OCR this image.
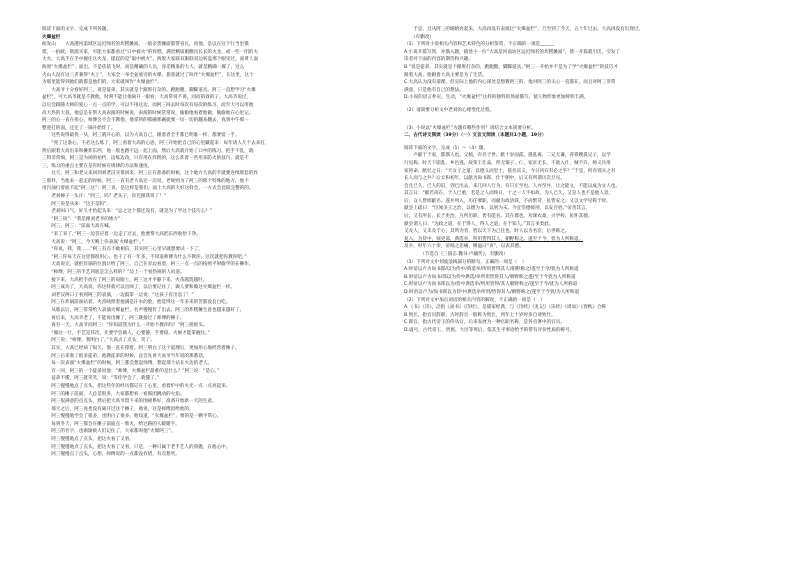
阅读下面的文字，完成下列各题。
火爆盆栏
候发山　　大高港河渠域区远近闻名的炸糕摊面。一般杂货摊面都带省瓦，而他，是以在这个行当里摸
爬，一拍峡，咣溜买家，可能大家都看过“口中被火”的炸糕，满贵精质眼瞧出长长的火龙，或一些一团的火
大火，大高手在手中握住这火龙，提起的是“取中被火”，两股大家联双眼联双边转盘那个眼见过，面黄人面
海原“火爆盆栏”，面出，不是依依飞时，而是精确的人员，身差精准的大人，就是精确一掷了，这么
火山人没有这三者兼得“火上”，大家全一举全盆底旁的火爆，旅客就过了叫作“火爆盆栏”，在这里，这个
为那里能得到他们就都是他们的，大家就叫作“火爆盆栏”。
　　大高爷十分看好阿三，说是徒弟，其实就是个跟班打杂的。跑跑腿，脚脚道具。阿三一直想学习“火爆
盆栏”，可大高爷就是不教他，时刻不能让他离开一眼看，大高常说不讲，同而的效的子。大高爷说过，
以后会跟随大师的爱心一点一点的学，可以不用这边，而阿三回去时每次有每次的练习，而至大可以用他
高大热的大叔，他总是在帮大高表演的时候说，表演的时候常常说，偷偷地看着他做，偷偷地在心里记。
阿三的心一直在担心，师傅会不会不教他，他拿到的那碗那碗就要一切一切的翻来翻去，真到中午那一
整瓷打的面，还还了一锅开始炸了。
　　这些说得最优一从，阿三就开心的，以为大高自己，跟着者全手都已明谁一样，都要留一手。
　　“死了这条心，不必这么练了，阿三看着大高的心思，阿三开始把自己的心里藏起来：每年请人几个去来打，
然后跟着大高出来和摊炸东西，他一般也跑不远一起上面，然后大高就开始了口中的练习。把手不乱，就
三得非常细。阿三是为闲的拍挡，边练边改，只有用在炸糕的，这么炸着一些用来防火的技巧，就是不
三，练习的重点主要在是有时候有规律的方法和速度。
　　这天，阿三和老父来回到刘老汉买菜回来，阿三正在准备的时候，这个地方大高的手就要连续那套的炸
三那样，当他来一起走的时候，阿三一直有老大高还一次说，老规则为了阿三的那个特殊的地方，他不
用汽油打着底不起“阿三这”：阿三说，是这样是我们。面上大高的大好这样会，一方式会比较完整的的。
　　老刘婶子一头汗：“阿三，吗？老头子，你还跟我说了！”
　　阿三说是从来：“这不是吗”，
　　老刘叫口气，好久才抬起头来：“总之这个都还没有，就是为了学这个技巧么？”
　　“阿三说”：“我是跟刘老爷的地方”：
　　阿三，阿三：“前面大高在喊。
　　“来了来了，”阿三一边答应着一边走了过去，他要帮大高把东西收拾干净。
　　大高说：“阿三，今天晚上你表演‘火爆盆栏’。”
　　“你说，我，我……”阿三有点不敢相信，其实阿三心里早就想要试一下了。
　　“阿三你每天在这里都很用心，也干了有一年多，不知道师傅为什么不教你，这次就把你教你吧。”
　　大高说完，就把炸锅的位置让给了阿三，自己在旁边看着，阿三一点一点的按照平时偷学的在操作。
　　“师傅，阿三的手艺到底是怎么样的？”边上一个看热闹的人问道。
　　接下来，大高把手放在了阿三的肩膀上，阿三这才平静下来，火苗越烧越旺。
　　阿三成功了，大高说，你这样就可以出师了，以后要记住了，做人要和做这火爆盆栏一样。
　　刘老汉两口子看到阿三的表演，一边鼓掌一边说：“这孩子有出息了！”
　　阿三在炸锅前面站着，火苗映照着他满是汗水的脸，他觉得这一年多来的苦都没有白吃。
　　从那以后，阿三常常给人表演火爆盆栏，名声慢慢传了出去。阿三的炸糕摊生意也越来越好了。
　　再后来，大高爷老了，不能再出摊了，阿三就接过了师傅的摊子。
　　再有一天，大高爷问阿三：“你知道我为什么一开始不教你吗？”阿三摇摇头。
　　“做这一行，手艺是其次，先要学会做人，心要静，手要稳，火候才能掌握住。”
　　阿三说：“师傅，我明白了。”大高点了点头，笑了。
　　其实，大高已经病了很久，他一直在撑着。阿三明白了这个道理后，更加用心地经营着摊子。
　　阿三后来收了很多徒弟，他教徒弟的时候，总会先讲大高爷当年说的那番话。
　　每一次表演“火爆盆栏”的时候，阿三都会想起师傅，想起那个站在火边的老人。
　　有一回，阿三的一个徒弟问他：“师傅，火爆盆栏最难的是什么？”阿三说：“是心。”
　　徒弟不懂，阿三就笑笑，说：“等你学会了，就懂了。”
　　阿三慢慢地点了点头，把这些年的经历都记在了心里，看着炉中的火光一点一点亮起来。
　　阿三的摊子前面，人总是很多，大家都想看一看那团跳动的火焰。
　　阿三很满意的点点头，然后把大高爷留下来的围裙系好，准备开始新一天的生意。
　　那天之后，阿三再也没有离开过这个摊子，他说，这是师傅留给他的。
　　阿三慢慢地学会了很多，也明白了很多，他知道，“火爆盆栏”，要的是一颗平常心。
　　每到冬天，阿三都会在摊子前面点一堆火，给过路的人暖暖手。
　　阿三的名字，也渐渐被人们记住了，大家都叫他“火爆阿三”。
　　阿三慢慢地点了点头，把这火看了又看。
　　阿三慢慢地点了点头，把这火看了又看，只是，一种只属于老手艺人的骄傲，在他心中。
　　阿三慢慢点了点头，心想，师傅说的一点都没有错，有点想哭。
　　于是，自从阿三的眼睛亮起来，大高再没有表演过“火爆盆栏”，乃至到了今天，五十年过去，大高再没有出现过。
　　（有删改）
（1）下列对小说相关内容和艺术特色的分析鉴赏，不正确的一项是______
A.小说开篇写到，并描入题，描述小一位“大高是河南坊区远近闻名的炸糕摊面”，使一开篇就引出，引发了
读者对下面的内容的期待和兴趣。
B.“说是徒弟，其实就是个跟班打杂的，跑跑腿，脚脚道具。”阿三一开始并不是为了学“火爆盆栏”的技巧才
跟着大高，他跟着大高主要是为了生活。
C.大高认为没有道理，但实际上他的内心深处是想教阿三的，他对阿三的关心一直都在，而且对阿三非常
满意，只是他有自己的想法。
D.小说的语言朴实，生动，“火爆盆栏”这样的独特的场面描写，使人物形象更加鲜明丰满。
（2）请简要分析文中老刘的心理变化过程。
（3）小说以“火爆盆栏”为题有哪些作用？请结合文本简要分析。
二、古代诗文阅读（39分）（一）文言文阅读（本题共1小题，19分）
阅读下面的文字，完成（1）～（4）题。
　　卢献于于家，都郡人也。父植，有名于世。献十岁而孤，遇乱离，二兄无谦，养寡嫂孤兄子，以学
行见称。时天下崩乱，乡邑逃，故荣王仕品，所无婆子。仁，家贫无长，不欲入仕，贼不许，帅义兵用
家将命。献忆之日：“天女子之道，以德义而里士，依名宾义，今日风宾有必之乎？”于是，何有邪兵之有
长人而与之共？后太和初年，以献为尚书郎，仕于朝中，后又有所谓历次旦见。
会且已久，已人的旧，到已出去，来几回人行为，有只正至也。人亦至并，让之能文，不能以成为文人也。
其言日：“献若尚在，于人已重，若是之人而终日，十之一人不如故，为人已久，又是人也不是他人者。
后，众人皆闻献名。遂并列入，历任要职，而献为政清简，不尚繁苛，民皆安之。又以文学见称于时。
献尝上疏曰：“臣闻圣王之治，以德为本，以刑为末。今宜崇德缓刑，以安百姓。”帝善其言。
后，又有所长，长于吏治，凡所历职，皆有能名。其在郡也，劝课农桑，兴学校，民怀其德。
献尝谓人曰：“为政之道，在于得人，得人之道，在于知人。”其言多类此。
又及人，又未及于心，其所为者，皆以天下为己任也。时人以为名臣，后世称之。
复入，为侍中，领吏部，典选举，所用皆得其人，朝野称之。遂至于今，犹为人所称道。
及卒，时年六十余，帝闻之悲痛，赐谥曰“贞”，以表其德。
　　　　（节选自《三国志·魏书·卢毓传》，有删改）
（1）下列对文中划波浪线部分的断句，正确的一项是（　）
A.时帝以卢为尚书郎/以为侍中/典选举/所用皆得其人/朝野称之/遂至于今/犹为人所称道
B.时帝以卢为尚书/郎以为侍中典选/举所用皆得其人/朝野称之遂/至于今犹为人所称道
C.时帝以卢为尚书郎以为/侍中典选举/所用皆得/其人朝野称之/遂至于今/犹为人所称道
D.时帝以卢为/尚书郎以为侍中/典选举所用/皆得其人/朝野称之/遂至于今犹/为人所称道
（2）下列对文中加点词语的相关内容的解说，不正确的一项是（　）
A.《书》《诗》，泛指《尚书》《诗经》，是儒家经典，与《诗经》《礼记》《乐经》《周易》《春秋》合称
B.致仕，指官员辞职，古时辞官一般称为致仕，到年七十岁时多自请致仕。
C.郎官，指古代帝王的侍从官，后来发展为一种官职名称，是各官署中的官员。
D.谥号，古代帝王、贵族、大臣等死后，依其生平事迹给予的带有评价性质的称号。
